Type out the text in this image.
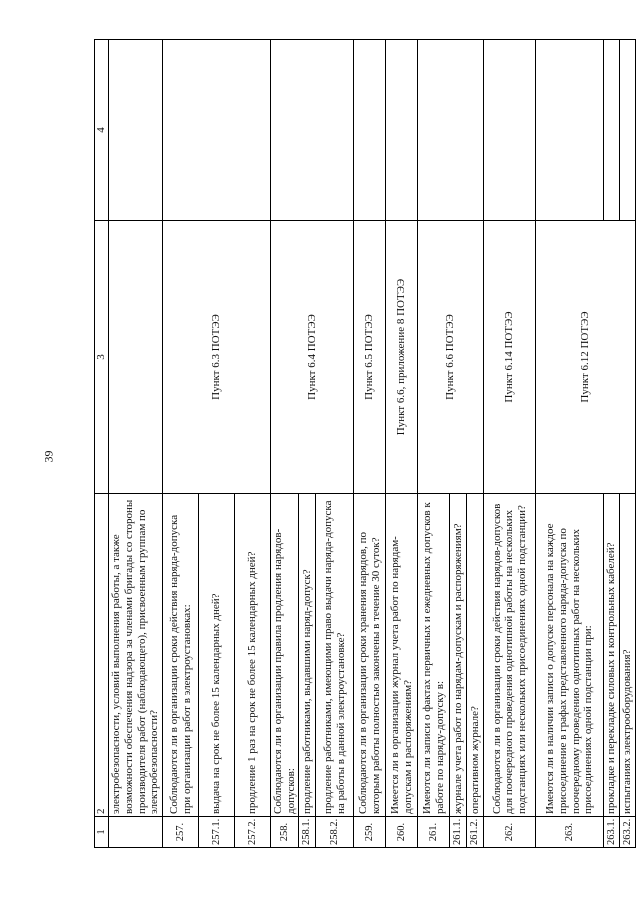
39
1	2	3	4
	электробезопасности, условий выполнения работы, а также возможности обеспечения надзора за членами бригады со стороны производителя работ (наблюдающего), присвоенным группам по электробезопасности?		
257.	Соблюдаются ли в организации сроки действия наряда-допуска при организации работ в электроустановках:	Пункт 6.3 ПОТЭЭ	
257.1.	выдача на срок не более 15 календарных дней?		
257.2.	продление 1 раз на срок не более 15 календарных дней?		
258.	Соблюдаются ли в организации правила продления нарядов-допусков:	Пункт 6.4 ПОТЭЭ	
258.1.	продление работниками, выдавшими наряд-допуск?		
258.2.	продление работниками, имеющими право выдачи наряда-допуска на работы в данной электроустановке?		
259.	Соблюдаются ли в организации сроки хранения нарядов, по которым работы полностью закончены в течение 30 суток?	Пункт 6.5 ПОТЭЭ	
260.	Имеется ли в организации журнал учета работ по нарядам-допускам и распоряжениям?	Пункт 6.6, приложение 8 ПОТЭЭ	
261.	Имеются ли записи о фактах первичных и ежедневных допусков к работе по наряду-допуску в:	Пункт 6.6 ПОТЭЭ	
261.1.	журнале учета работ по нарядам-допускам и распоряжениям?		
261.2.	оперативном журнале?		
262.	Соблюдаются ли в организации сроки действия нарядов-допусков для поочередного проведения однотипной работы на нескольких подстанциях или нескольких присоединениях одной подстанции?	Пункт 6.14 ПОТЭЭ	
263.	Имеются ли в наличии записи о допуске персонала на каждое присоединение в графах представленного наряда-допуска по поочередному проведению однотипных работ на нескольких присоединениях одной подстанции при:	Пункт 6.12 ПОТЭЭ	
263.1.	прокладке и перекладке силовых и контрольных кабелей?		
263.2.	испытаниях электрооборудования?		
